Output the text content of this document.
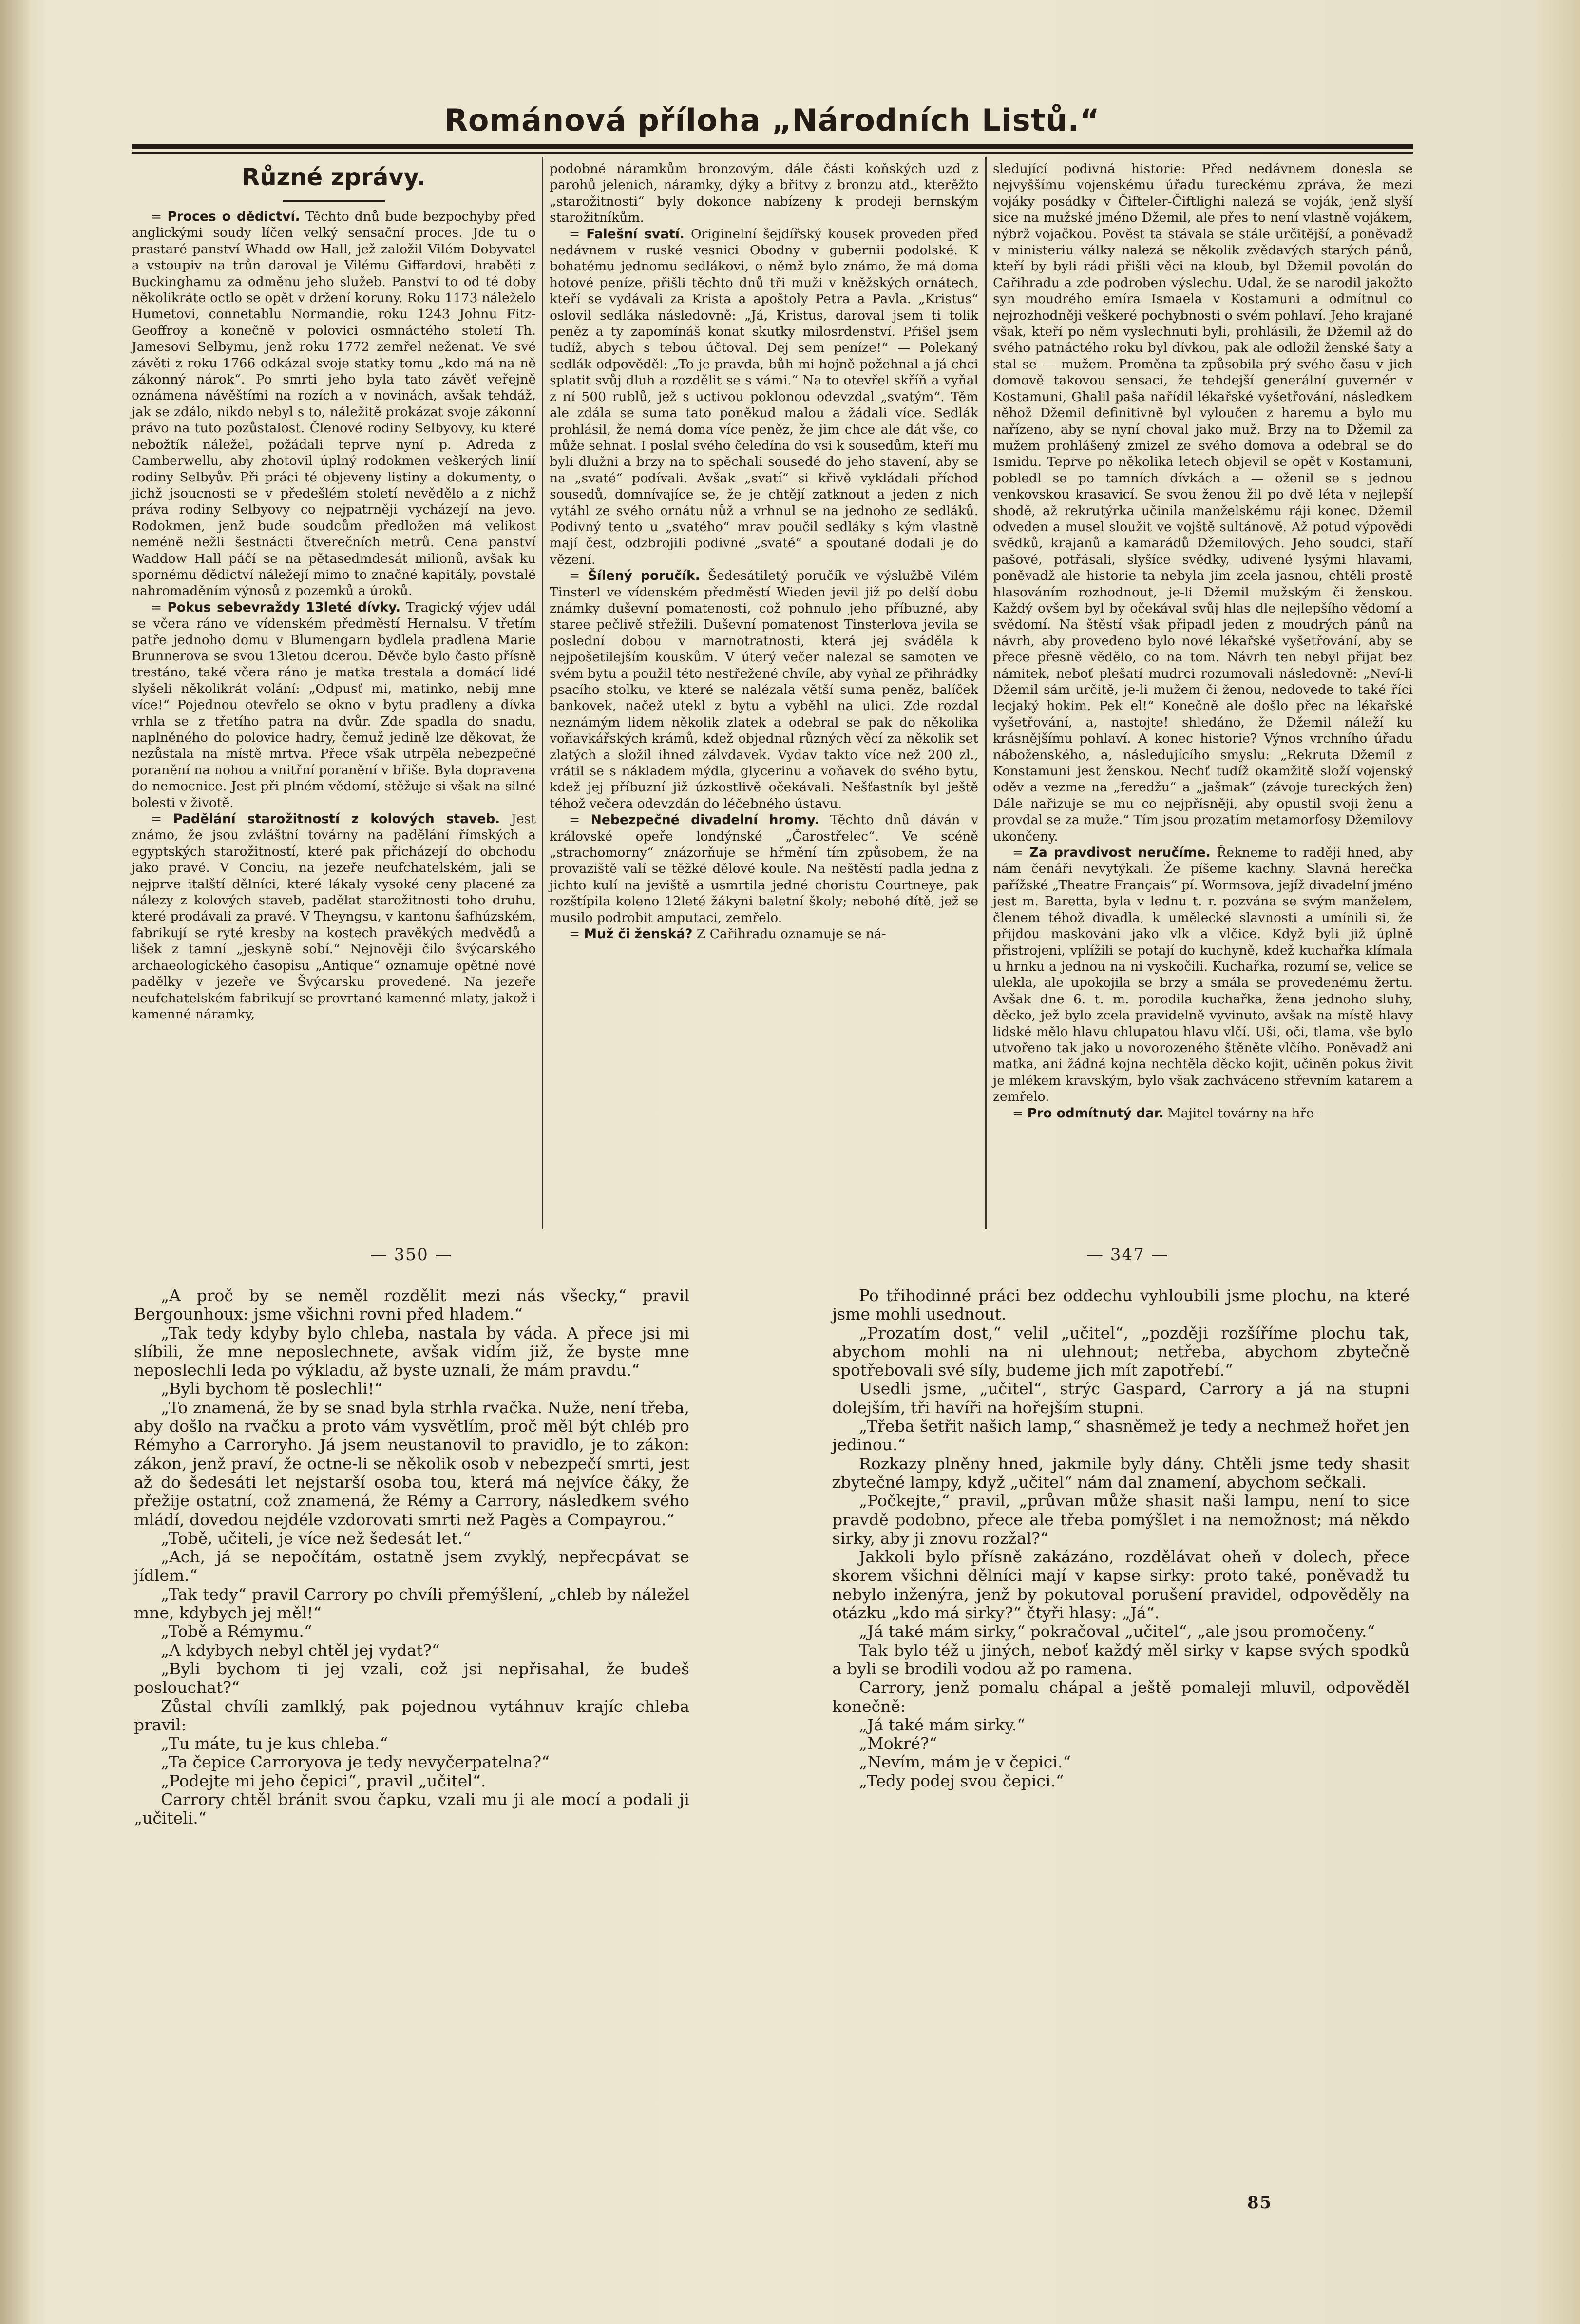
Románová příloha „Národních Listů.“
Různé zprávy.

= Proces o dědictví. Těchto dnů bude bezpochyby před anglickými soudy líčen velký sensační proces. Jde tu o prastaré panství Whadd ow Hall, jež založil Vilém Dobyvatel a vstoupiv na trůn daroval je Vilému Giffardovi, hraběti z Buckinghamu za odměnu jeho služeb. Panství to od té doby několikráte octlo se opět v držení koruny. Roku 1173 náleželo Humetovi, connetablu Normandie, roku 1243 Johnu Fitz-Geoffroy a konečně v polovici osmnáctého století Th. Jamesovi Selbymu, jenž roku 1772 zemřel neženat. Ve své závěti z roku 1766 odkázal svoje statky tomu „kdo má na ně zákonný nárok“. Po smrti jeho byla tato závěť veřejně oznámena návěštími na rozích a v novinách, avšak tehdáž, jak se zdálo, nikdo nebyl s to, náležitě prokázat svoje zákonní právo na tuto pozůstalost. Členové rodiny Selbyovy, ku které nebožtík náležel, požádali teprve nyní p. Adreda z Camberwellu, aby zhotovil úplný rodokmen veškerých linií rodiny Selbyův. Při práci té objeveny listiny a dokumenty, o jichž jsoucnosti se v předešlém století nevědělo a z nichž práva rodiny Selbyovy co nejpatrněji vycházejí na jevo. Rodokmen, jenž bude soudcům předložen má velikost neméně nežli šestnácti čtverečních metrů. Cena panství Waddow Hall páčí se na pětasedmdesát milionů, avšak ku spornému dědictví náležejí mimo to značné kapitály, povstalé nahromaděním výnosů z pozemků a úroků.

= Pokus sebevraždy 13leté dívky. Tragický výjev udál se včera ráno ve vídenském předměstí Hernalsu. V třetím patře jednoho domu v Blumengarn bydlela pradlena Marie Brunnerova se svou 13letou dcerou. Děvče bylo často přísně trestáno, také včera ráno je matka trestala a domácí lidé slyšeli několikrát volání: „Odpusť mi, matinko, nebij mne více!“ Pojednou otevřelo se okno v bytu pradleny a dívka vrhla se z třetího patra na dvůr. Zde spadla do snadu, naplněného do polovice hadry, čemuž jedině lze děkovat, že nezůstala na místě mrtva. Přece však utrpěla nebezpečné poranění na nohou a vnitřní poranění v břiše. Byla dopravena do nemocnice. Jest při plném vědomí, stěžuje si však na silné bolesti v životě.

= Padělání starožitností z kolových staveb. Jest známo, že jsou zvláštní továrny na padělání římských a egyptských starožitností, které pak přicházejí do obchodu jako pravé. V Conciu, na jezeře neufchatelském, jali se nejprve italští dělníci, které lákaly vysoké ceny placené za nálezy z kolových staveb, padělat starožitnosti toho druhu, které prodávali za pravé. V Theyngsu, v kantonu šafhúzském, fabrikují se ryté kresby na kostech pravěkých medvědů a lišek z tamní „jeskyně sobí.“ Nejnověji čilo švýcarského archaeologického časopisu „Antique“ oznamuje opětné nové padělky v jezeře ve Švýcarsku provedené. Na jezeře neufchatelském fabrikují se provrtané kamenné mlaty, jakož i kamenné náramky,

podobné náramkům bronzovým, dále části koňských uzd z parohů jelenich, náramky, dýky a břitvy z bronzu atd., kterěžto „starožitnosti“ byly dokonce nabízeny k prodeji bernským starožitníkům.

= Falešní svatí. Originelní šejdířský kousek proveden před nedávnem v ruské vesnici Obodny v gubernii podolské. K bohatému jednomu sedlákovi, o němž bylo známo, že má doma hotové peníze, přišli těchto dnů tři muži v kněžských ornátech, kteří se vydávali za Krista a apoštoly Petra a Pavla. „Kristus“ oslovil sedláka následovně: „Já, Kristus, daroval jsem ti tolik peněz a ty zapomínáš konat skutky milosrdenství. Přišel jsem tudíž, abych s tebou účtoval. Dej sem peníze!“ — Polekaný sedlák odpověděl: „To je pravda, bůh mi hojně požehnal a já chci splatit svůj dluh a rozdělit se s vámi.“ Na to otevřel skříň a vyňal z ní 500 rublů, jež s uctivou poklonou odevzdal „svatým“. Těm ale zdála se suma tato poněkud malou a žádali více. Sedlák prohlásil, že nemá doma více peněz, že jim chce ale dát vše, co může sehnat. I poslal svého čeledína do vsi k sousedům, kteří mu byli dlužni a brzy na to spěchali sousedé do jeho stavení, aby se na „svaté“ podívali. Avšak „svatí“ si křivě vykládali příchod sousedů, domnívajíce se, že je chtějí zatknout a jeden z nich vytáhl ze svého ornátu nůž a vrhnul se na jednoho ze sedláků. Podivný tento u „svatého“ mrav poučil sedláky s kým vlastně mají čest, odzbrojili podivné „svaté“ a spoutané dodali je do vězení.

= Šílený poručík. Šedesátiletý poručík ve výslužbě Vilém Tinsterl ve vídenském předměstí Wieden jevil již po delší dobu známky duševní pomatenosti, což pohnulo jeho příbuzné, aby staree pečlivě střežili. Duševní pomatenost Tinsterlova jevila se poslední dobou v marnotratnosti, která jej svádělа k nejpošetilejším kouskům. V úterý večer nalezal se samoten ve svém bytu a použil této nestřežené chvíle, aby vyňal ze přihrádky psacího stolku, ve které se nalézala větší suma peněz, balíček bankovek, načež utekl z bytu a vyběhl na ulici. Zde rozdal neznámým lidem několik zlatek a odebral se pak do několika voňavkářských krámů, kdež objednal různých věcí za několik set zlatých a složil ihned zálvdavek. Vydav takto více než 200 zl., vrátil se s nákladem mýdla, glycerinu a voňavek do svého bytu, kdež jej příbuzní již úzkostlivě očekávali. Nešťastník byl ještě téhož večera odevzdán do léčebného ústavu.

= Nebezpečné divadelní hromy. Těchto dnů dáván v královské opeře londýnské „Čarostřelec“. Ve scéně „strachomorny“ znázorňuje se hřmění tím způsobem, že na provaziště valí se těžké dělové koule. Na neštěstí padla jedna z jichto kulí na jeviště a usmrtila jedné choristu Courtneye, pak rozštípila koleno 12leté žákyni baletní školy; nebohé dítě, jež se musilo podrobit amputaci, zemřelo.

= Muž či ženská? Z Cařihradu oznamuje se ná-

sledující podivná historie: Před nedávnem donesla se nejvyššímu vojenskému úřadu tureckému zpráva, že mezi vojáky posádky v Čifteler-Čiftlighi nalezá se voják, jenž slyší sice na mužské jméno Džemil, ale přes to není vlastně vojákem, nýbrž vojačkou. Pověst ta stávala se stále určitější, a poněvadž v ministeriu války nalezá se několik zvědavých starých pánů, kteří by byli rádi přišli věci na kloub, byl Džemil povolán do Cařihradu a zde podroben výslechu. Udal, že se narodil jakožto syn moudrého emíra Ismaela v Kostamuni a odmítnul co nejrozhodněji veškeré pochybnosti o svém pohlaví. Jeho krajané však, kteří po něm vyslechnuti byli, prohlásili, že Džemil až do svého patnáctého roku byl dívkou, pak ale odložil ženské šaty a stal se — mužem. Proměna ta způsobila prý svého času v jich domově takovou sensaci, že tehdejší generální guvernér v Kostamuni, Ghalil paša nařídil lékařské vyšetřování, následkem něhož Džemil definitivně byl vyloučen z haremu a bylo mu nařízeno, aby se nyní choval jako muž. Brzy na to Džemil za mužem prohlášený zmizel ze svého domova a odebral se do Ismidu. Teprve po několika letech objevil se opět v Kostamuni, pobledl se po tamních dívkách a — oženil se s jednou venkovskou krasavicí. Se svou ženou žil po dvě léta v nejlepší shodě, až rekrutýrka učinila manželskému ráji konec. Džemil odveden a musel sloužit ve vojště sultánově. Až potud výpovědi svědků, krajanů a kamarádů Džemilových. Jeho soudci, staří pašové, potřásali, slyšíce svědky, udivené lysými hlavami, poněvadž ale historie ta nebyla jim zcela jasnou, chtěli prostě hlasováním rozhodnout, je-li Džemil mužským či ženskou. Každý ovšem byl by očekával svůj hlas dle nejlepšího vědomí a svědomí. Na štěstí však připadl jeden z moudrých pánů na návrh, aby provedeno bylo nové lékařské vyšetřování, aby se přece přesně vědělo, co na tom. Návrh ten nebyl přijat bez námitek, neboť plešatí mudrci rozumovali následovně: „Neví-li Džemil sám určitě, je-li mužem či ženou, nedovede to také říci lecjaký hokim. Pek el!“ Konečně ale došlo přec na lékařské vyšetřování, a, nastojte! shledáno, že Džemil náleží ku krásnějšímu pohlaví. A konec historie? Výnos vrchního úřadu náboženského, a, následujícího smyslu: „Rekruta Džemil z Konstamuni jest ženskou. Nechť tudíž okamžitě složí vojenský oděv a vezme na „feredžu“ a „jašmak“ (závoje tureckých žen) Dále nařizuje se mu co nejpřísněji, aby opustil svoji ženu a provdal se za muže.“ Tím jsou prozatím metamorfosy Džemilovy ukončeny.

= Za pravdivost neručíme. Řekneme to raději hned, aby nám čenáři nevytýkali. Že píšeme kachny. Slavná herečka pařížské „Theatre Français“ pí. Wormsova, jejíž divadelní jméno jest m. Baretta, byla v lednu t. r. pozvána se svým manželem, členem téhož divadla, k umělecké slavnosti a umínili si, že přijdou maskováni jako vlk a vlčice. Když byli již úplně přistrojeni, vplížili se potají do kuchyně, kdež kuchařka klímala u hrnku a jednou na ni vyskočili. Kuchařka, rozumí se, velice se ulekla, ale upokojila se brzy a smála se provedenému žertu. Avšak dne 6. t. m. porodila kuchařka, žena jednoho sluhy, děcko, jež bylo zcela pravidelně vyvinuto, avšak na místě hlavy lidské mělo hlavu chlupatou hlavu vlčí. Uši, oči, tlama, vše bylo utvořeno tak jako u novorozeného štěněte vlčího. Poněvadž ani matka, ani žádná kojna nechtěla děcko kojit, učiněn pokus živit je mlékem kravským, bylo však zachváceno střevním katarem a zemřelo.

= Pro odmítnutý dar. Majitel továrny na hře-

— 350 —	— 347 —

„A proč by se neměl rozdělit mezi nás všecky,“ pravil Bergounhoux: jsme všichni rovni před hladem.“

„Tak tedy kdyby bylo chleba, nastala by váda. A přece jsi mi slíbili, že mne neposlechnete, avšak vidím již, že byste mne neposlechli leda po výkladu, až byste uznali, že mám pravdu.“

„Byli bychom tě poslechli!“

„To znamená, že by se snad byla strhla rvačka. Nuže, není třeba, aby došlo na rvačku a proto vám vysvětlím, proč měl být chléb pro Rémyho a Carroryho. Já jsem neustanovil to pravidlo, je to zákon: zákon, jenž praví, že octne-li se několik osob v nebezpečí smrti, jest až do šedesáti let nejstarší osoba tou, která má nejvíce čáky, že přežije ostatní, což znamená, že Rémy a Carrory, následkem svého mládí, dovedou nejdéle vzdorovati smrti než Pagès a Compayrou.“

„Tobě, učiteli, je více než šedesát let.“

„Ach, já se nepočítám, ostatně jsem zvyklý, nepřecpávat se jídlem.“

„Tak tedy“ pravil Carrory po chvíli přemýšlení, „chleb by náležel mne, kdybych jej měl!“

„Tobě a Rémymu.“

„A kdybych nebyl chtěl jej vydat?“

„Byli bychom ti jej vzali, což jsi nepřisahal, že budeš poslouchat?“

Zůstal chvíli zamlklý, pak pojednou vytáhnuv krajíc chleba pravil:

„Tu máte, tu je kus chleba.“

„Ta čepice Carroryova je tedy nevyčerpatelna?“

„Podejte mi jeho čepici“, pravil „učitel“.

Carrory chtěl bránit svou čapku, vzali mu ji ale mocí a podali ji „učiteli.“

Po třihodinné práci bez oddechu vyhloubili jsme plochu, na které jsme mohli usednout.

„Prozatím dost,“ velil „učitel“, „později rozšíříme plochu tak, abychom mohli na ni ulehnout; netřeba, abychom zbytečně spotřebovali své síly, budeme jich mít zapotřebí.“

Usedli jsme, „učitel“, strýc Gaspard, Carrory a já na stupni dolejším, tři havíři na hořejším stupni.

„Třeba šetřit našich lamp,“ shasněmež je tedy a nechmež hořet jen jedinou.“

Rozkazy plněny hned, jakmile byly dány. Chtěli jsme tedy shasit zbytečné lampy, když „učitel“ nám dal znamení, abychom sečkali.

„Počkejte,“ pravil, „průvan může shasit naši lampu, není to sice pravdě podobno, přece ale třeba pomýšlet i na nemožnost; má někdo sirky, aby ji znovu rozžal?“

Jakkoli bylo přísně zakázáno, rozdělávat oheň v dolech, přece skorem všichni dělníci mají v kapse sirky: proto také, poněvadž tu nebylo inženýra, jenž by pokutoval porušení pravidel, odpověděly na otázku „kdo má sirky?“ čtyři hlasy: „Já“.

„Já také mám sirky,“ pokračoval „učitel“, „ale jsou promočeny.“

Tak bylo též u jiných, neboť každý měl sirky v kapse svých spodků a byli se brodili vodou až po ramena.

Carrory, jenž pomalu chápal a ještě pomaleji mluvil, odpověděl konečně:

„Já také mám sirky.“

„Mokré?“

„Nevím, mám je v čepici.“

„Tedy podej svou čepici.“

85
